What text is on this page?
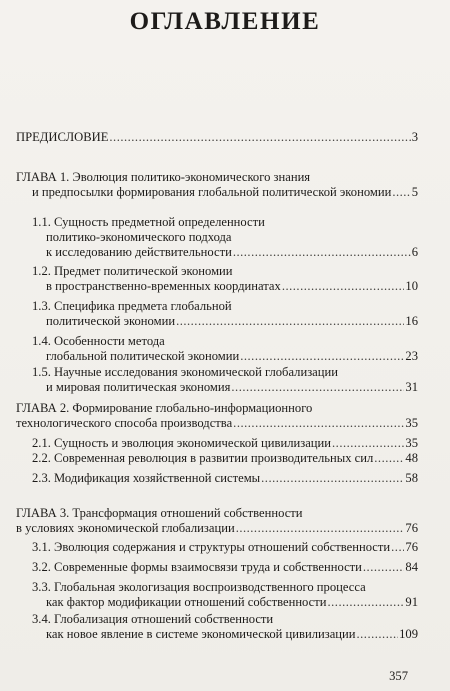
ОГЛАВЛЕНИЕ
ПРЕДИСЛОВИЕ .....	3
ГЛАВА 1. Эволюция политико-экономического знания
и предпосылки формирования глобальной политической экономии ..... 5
1.1. Сущность предметной определенности
политико-экономического подхода
к исследованию действительности .....	6
1.2. Предмет политической экономии
в пространственно-временных координатах .....	10
1.3. Специфика предмета глобальной
политической экономии .....	16
1.4. Особенности метода
глобальной политической экономии .....	23
1.5. Научные исследования экономической глобализации
и мировая политическая экономия .....	31
ГЛАВА 2. Формирование глобально-информационного
технологического способа производства .....	35
2.1. Сущность и эволюция экономической цивилизации .....	35
2.2. Современная революция в развитии производительных сил .....	48
2.3. Модификация хозяйственной системы .....	58
ГЛАВА 3. Трансформация отношений собственности
в условиях экономической глобализации .....	76
3.1. Эволюция содержания и структуры отношений собственности ..... 76
3.2. Современные формы взаимосвязи труда и собственности .....	84
3.3. Глобальная экологизация воспроизводственного процесса
как фактор модификации отношений собственности .....	91
3.4. Глобализация отношений собственности
как новое явление в системе экономической цивилизации .....	109
357
